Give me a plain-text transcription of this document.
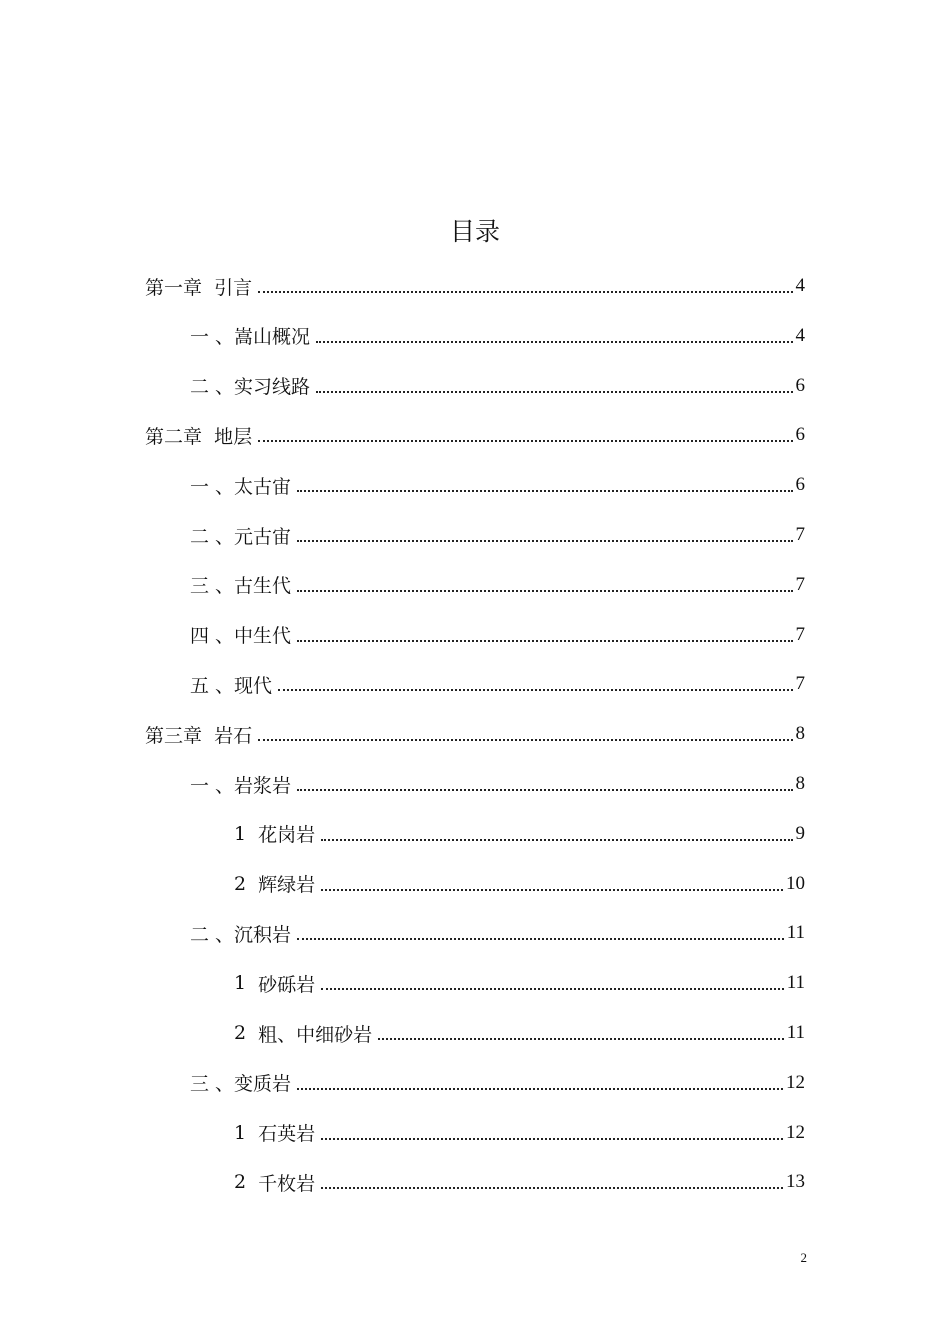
目录
第一章 引言	4
一 、 嵩山概况	4
二 、 实习线路	6
第二章 地层	6
一 、 太古宙	6
二 、 元古宙	7
三 、 古生代	7
四 、 中生代	7
五 、 现代	7
第三章 岩石	8
一 、 岩浆岩	8
1 花岗岩	9
2 辉绿岩	10
二 、 沉积岩	11
1 砂砾岩	11
2 粗、中细砂岩	11
三 、 变质岩	12
1 石英岩	12
2 千枚岩	13
2
